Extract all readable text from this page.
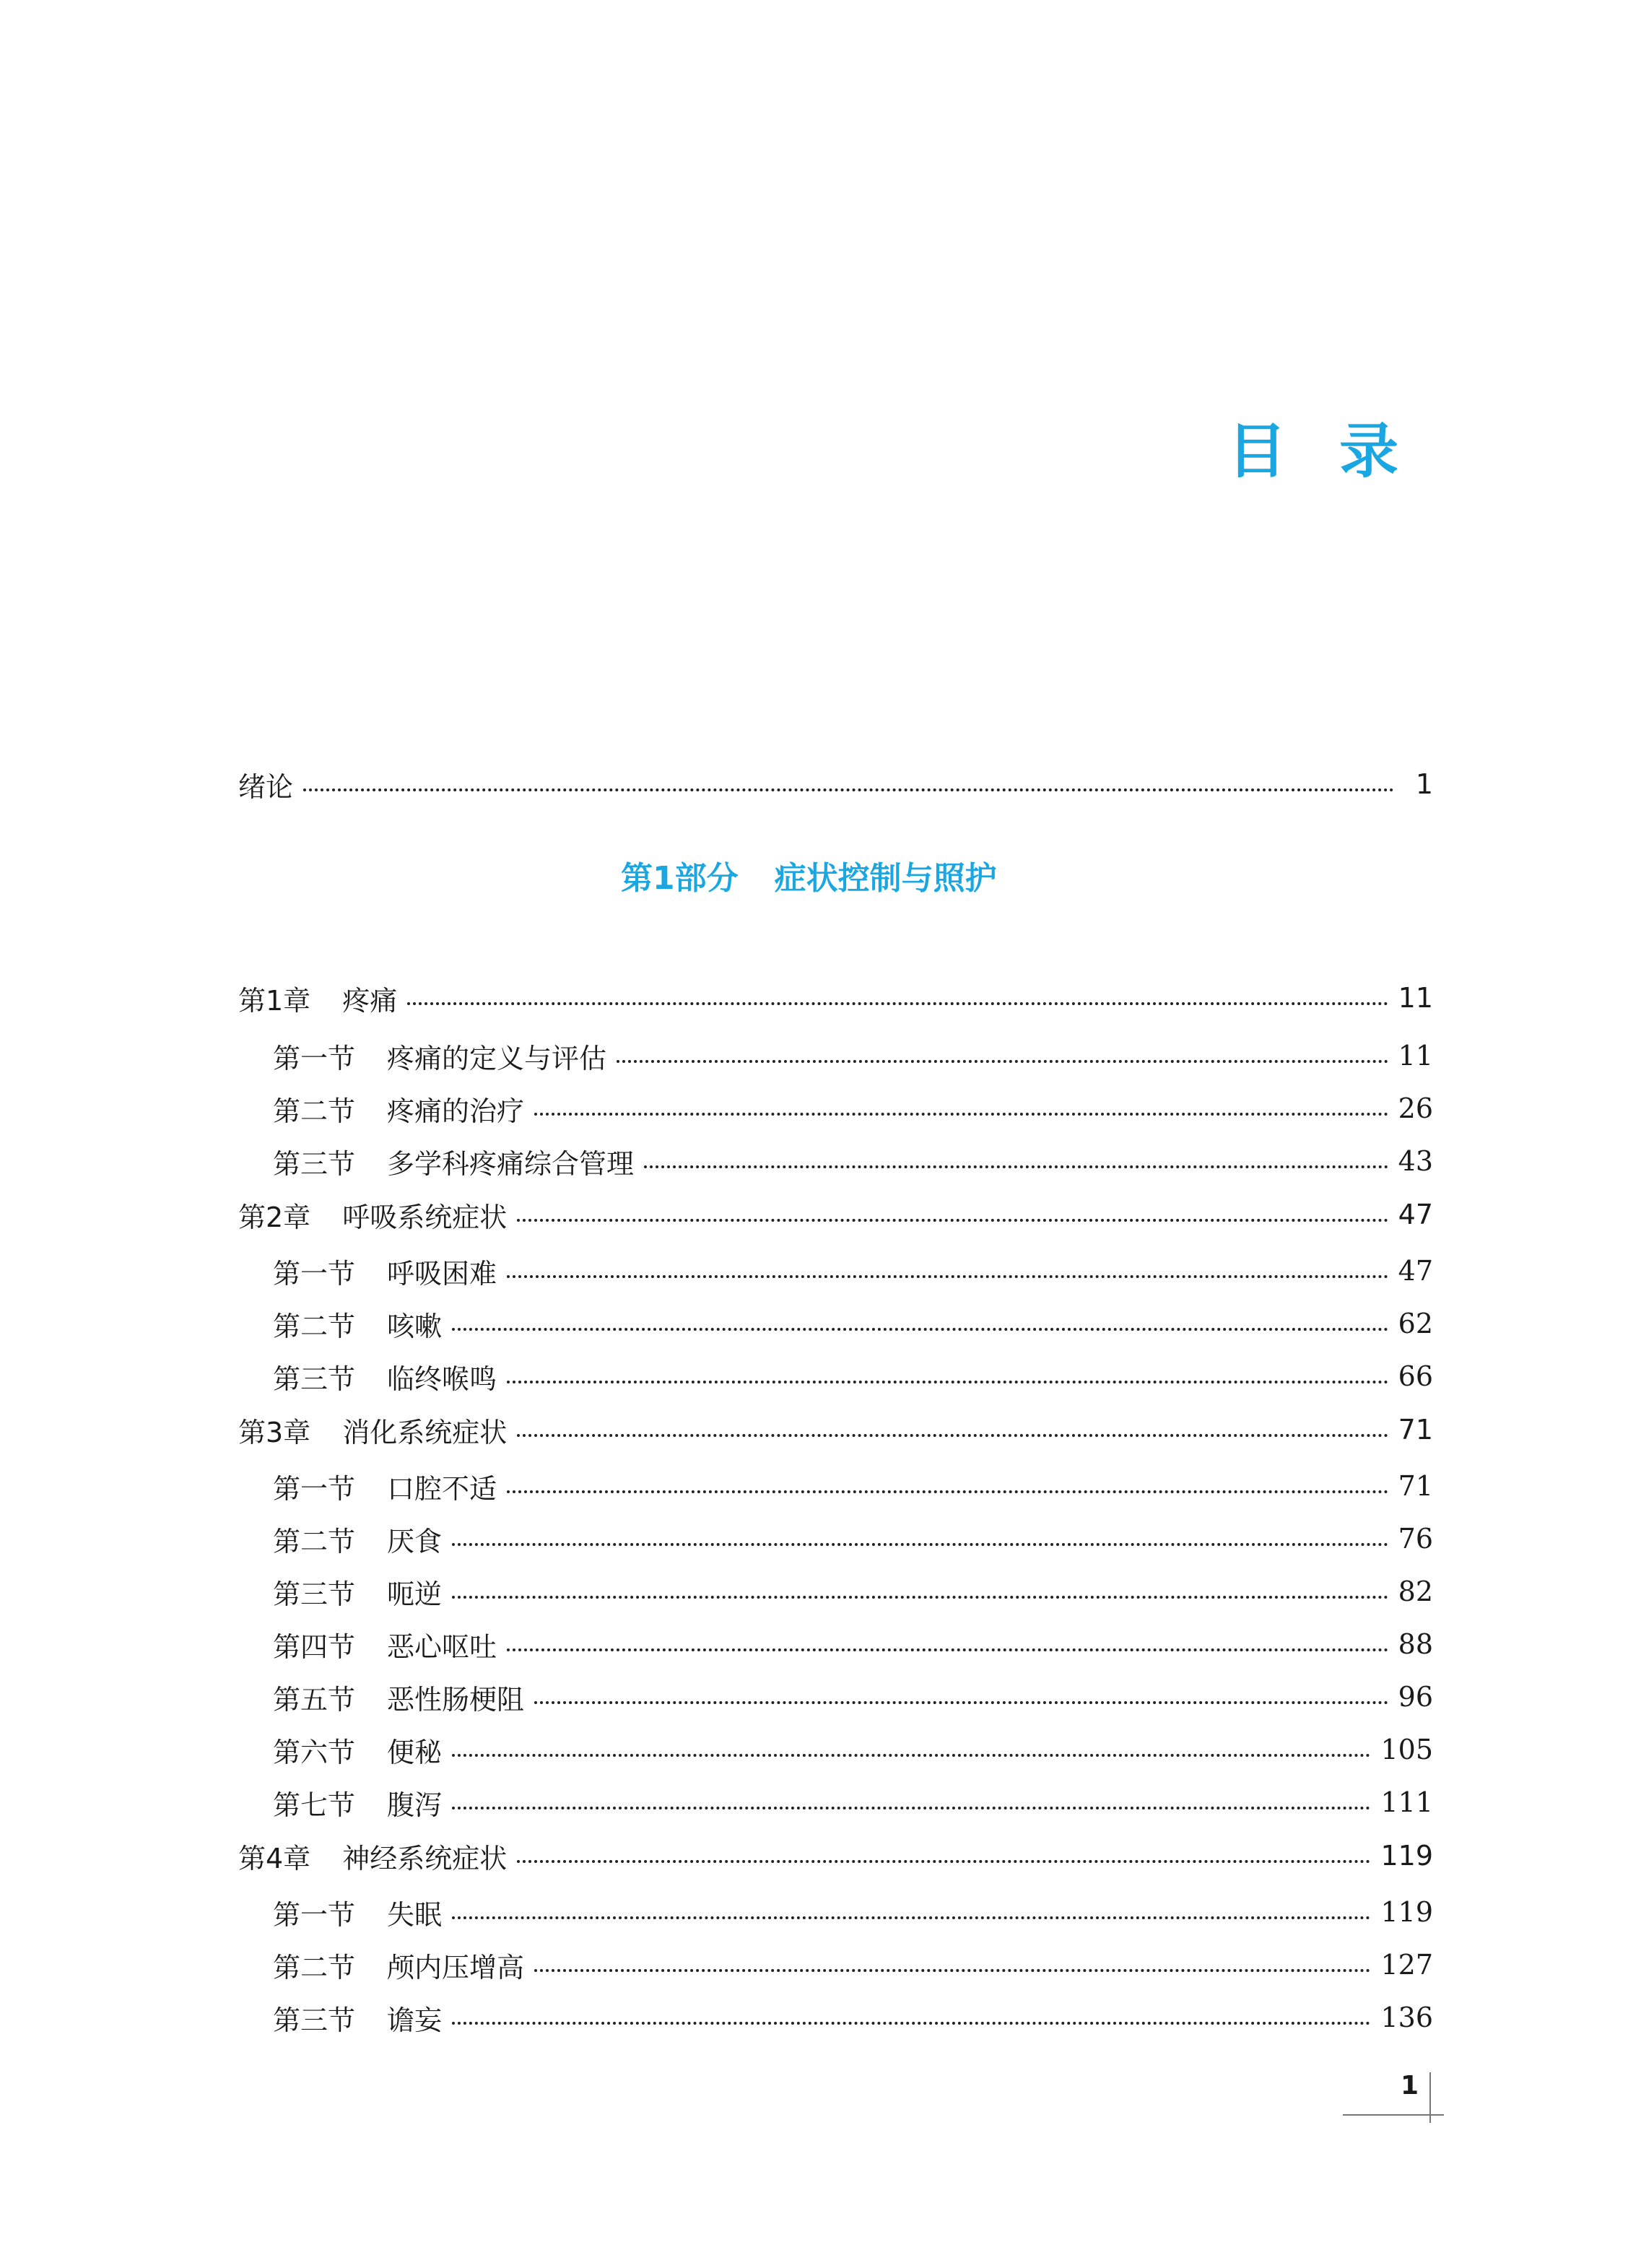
目 录
绪论	1
第1部分 症状控制与照护
第1章 疼痛	11
第一节 疼痛的定义与评估	11
第二节 疼痛的治疗	26
第三节 多学科疼痛综合管理	43
第2章 呼吸系统症状	47
第一节 呼吸困难	47
第二节 咳嗽	62
第三节 临终喉鸣	66
第3章 消化系统症状	71
第一节 口腔不适	71
第二节 厌食	76
第三节 呃逆	82
第四节 恶心呕吐	88
第五节 恶性肠梗阻	96
第六节 便秘	105
第七节 腹泻	111
第4章 神经系统症状	119
第一节 失眠	119
第二节 颅内压增高	127
第三节 谵妄	136
1
